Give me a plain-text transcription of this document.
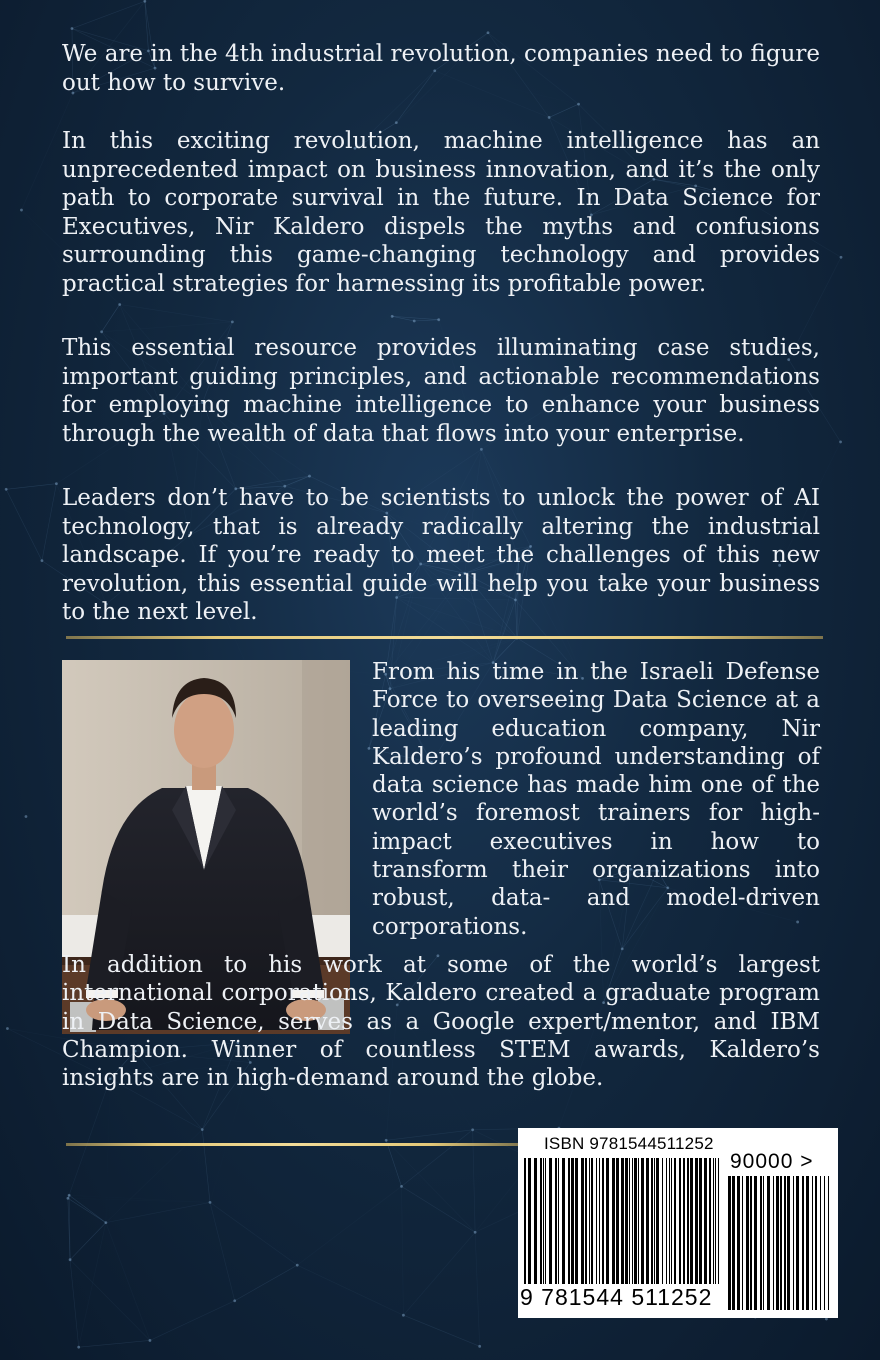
We are in the 4th industrial revolution, companies need to figure out how to survive.

In this exciting revolution, machine intelligence has an unprecedented impact on business innovation, and it’s the only path to corporate survival in the future. In Data Science for Executives, Nir Kaldero dispels the myths and confusions surrounding this game-changing technology and provides practical strategies for harnessing its profitable power.

This essential resource provides illuminating case studies, important guiding principles, and actionable recommendations for employing machine intelligence to enhance your business through the wealth of data that flows into your enterprise.

Leaders don’t have to be scientists to unlock the power of AI technology, that is already radically altering the industrial landscape. If you’re ready to meet the challenges of this new revolution, this essential guide will help you take your business to the next level.

From his time in the Israeli Defense Force to overseeing Data Science at a leading education company, Nir Kaldero’s profound understanding of data science has made him one of the world’s foremost trainers for high-impact executives in how to transform their organizations into robust, data- and model-driven corporations.

In addition to his work at some of the world’s largest international corporations, Kaldero created a graduate program in Data Science, serves as a Google expert/mentor, and IBM Champion. Winner of countless STEM awards, Kaldero’s insights are in high-demand around the globe.

ISBN 9781544511252
90000 >
9 781544 511252
